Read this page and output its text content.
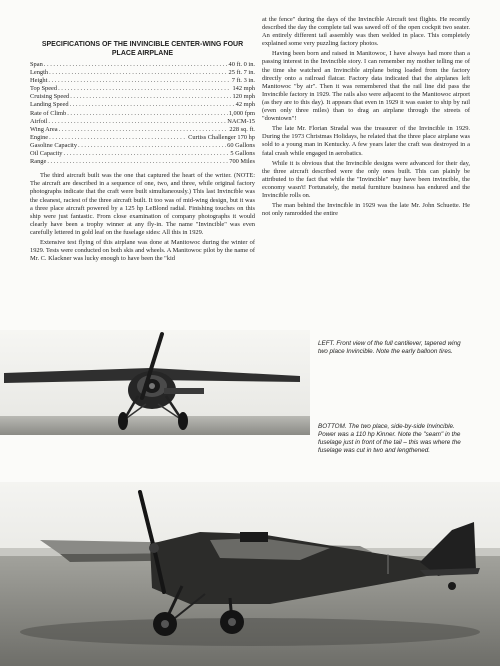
SPECIFICATIONS OF THE INVINCIBLE CENTER-WING FOUR PLACE AIRPLANE
Span . . .	40 ft. 0 in.
Length . . .	25 ft. 7 in.
Height . . .	7 ft. 3 in.
Top Speed . . .	142 mph
Cruising Speed . . .	120 mph
Landing Speed . . .	42 mph
Rate of Climb . . .	1,000 fpm
Airfoil . . .	NACM-15
Wing Area . . .	228 sq. ft.
Engine . . .	Curtiss Challenger 170 hp
Gasoline Capacity . . .	60 Gallons
Oil Capacity . . .	5 Gallons
Range . . .	700 Miles

The third aircraft built was the one that captured the heart of the writer. (NOTE: The aircraft are described in a sequence of one, two, and three, while original factory photographs indicate that the craft were built simultaneously.) This last Invincible was the cleanest, raciest of the three aircraft built. It too was of mid-wing design, but it was a three place aircraft powered by a 125 hp LeBlond radial. Finishing touches on this ship were just fantastic. From close examination of company photographs it would clearly have been a trophy winner at any fly-in. The name "Invincible" was even carefully lettered in gold leaf on the fuselage sides: All this in 1929.

Extensive test flying of this airplane was done at Manitowoc during the winter of 1929. Tests were conducted on both skis and wheels. A Manitowoc pilot by the name of Mr. C. Klackner was lucky enough to have been the "kid

at the fence" during the days of the Invincible Aircraft test flights. He recently described the day the complete tail was sawed off of the open cockpit two seater. An entirely different tail assembly was then welded in place. This completely explained some very puzzling factory photos.

Having been born and raised in Manitowoc, I have always had more than a passing interest in the Invincible story. I can remember my mother telling me of the time she watched an Invincible airplane being loaded from the factory directly onto a railroad flatcar. Factory data indicated that the airplanes left Manitowoc "by air". Then it was remembered that the rail line did pass the Invincible factory in 1929. The rails also were adjacent to the Manitowoc airport (as they are to this day). It appears that even in 1929 it was easier to ship by rail (even only three miles) than to drag an airplane through the streets of "downtown"!

The late Mr. Florian Stradal was the treasurer of the Invincible in 1929. During the 1973 Christmas Holidays, he related that the three place airplane was sold to a young man in Kentucky. A few years later the craft was destroyed in a fatal crash while engaged in aerobatics.

While it is obvious that the Invincible designs were advanced for their day, the three aircraft described were the only ones built. This can plainly be attributed to the fact that while the "Invincible" may have been invincible, the economy wasn't! Fortunately, the metal furniture business has endured and the Invincible rolls on.

The man behind the Invincible in 1929 was the late Mr. John Schuette. He not only ramrodded the entire

LEFT. Front view of the full cantilever, tapered wing two place Invincible. Note the early balloon tires.
BOTTOM. The two place, side-by-side Invincible. Power was a 110 hp Kinner. Note the "seam" in the fuselage just in front of the tail – this was where the fuselage was cut in two and lengthened.
